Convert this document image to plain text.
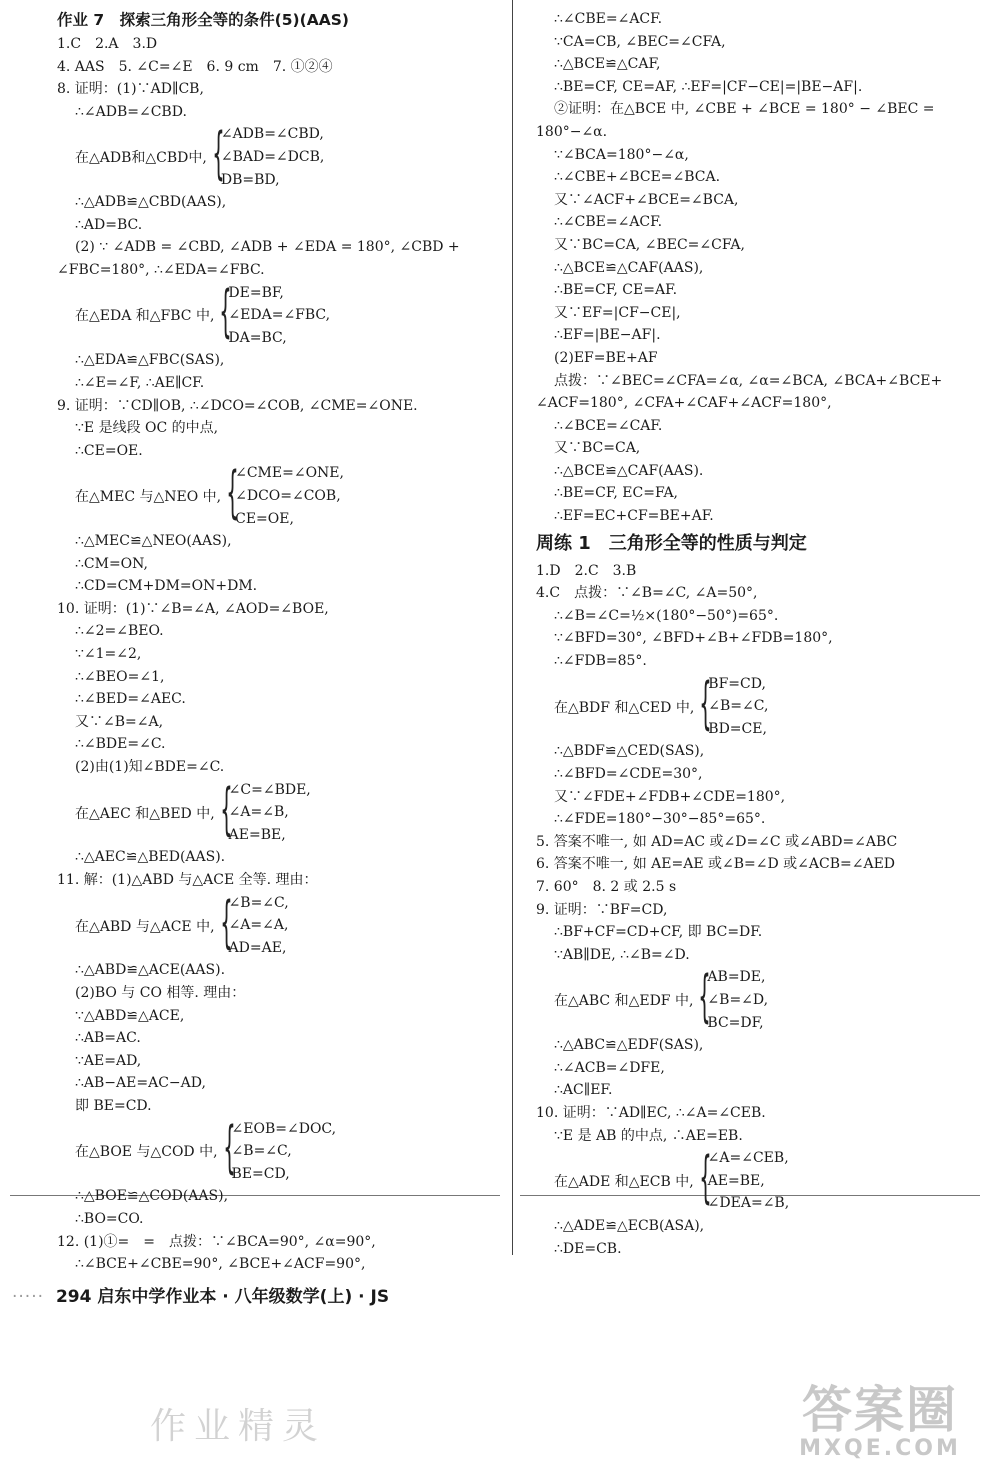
作业 7　探索三角形全等的条件(5)(AAS)
1.C　2.A　3.D
4. AAS　5. ∠C=∠E　6. 9 cm　7. ①②④
8. 证明：(1)∵AD∥CB,
∴∠ADB=∠CBD.
在△ADB和△CBD中, {
∠ADB=∠CBD,
∠BAD=∠DCB,
DB=BD,
∴△ADB≌△CBD(AAS),
∴AD=BC.
(2) ∵ ∠ADB = ∠CBD, ∠ADB + ∠EDA = 180°, ∠CBD +
∠FBC=180°, ∴∠EDA=∠FBC.
在△EDA 和△FBC 中, {
DE=BF,
∠EDA=∠FBC,
DA=BC,
∴△EDA≌△FBC(SAS),
∴∠E=∠F, ∴AE∥CF.
9. 证明：∵CD∥OB, ∴∠DCO=∠COB, ∠CME=∠ONE.
∵E 是线段 OC 的中点,
∴CE=OE.
在△MEC 与△NEO 中, {
∠CME=∠ONE,
∠DCO=∠COB,
CE=OE,
∴△MEC≌△NEO(AAS),
∴CM=ON,
∴CD=CM+DM=ON+DM.
10. 证明：(1)∵∠B=∠A, ∠AOD=∠BOE,
∴∠2=∠BEO.
∵∠1=∠2,
∴∠BEO=∠1,
∴∠BED=∠AEC.
又∵∠B=∠A,
∴∠BDE=∠C.
(2)由(1)知∠BDE=∠C.
在△AEC 和△BED 中, {
∠C=∠BDE,
∠A=∠B,
AE=BE,
∴△AEC≌△BED(AAS).
11. 解：(1)△ABD 与△ACE 全等. 理由：
在△ABD 与△ACE 中, {
∠B=∠C,
∠A=∠A,
AD=AE,
∴△ABD≌△ACE(AAS).
(2)BO 与 CO 相等. 理由：
∵△ABD≌△ACE,
∴AB=AC.
∵AE=AD,
∴AB−AE=AC−AD,
即 BE=CD.
在△BOE 与△COD 中, {
∠EOB=∠DOC,
∠B=∠C,
BE=CD,
∴△BOE≌△COD(AAS),
∴BO=CO.
12. (1)①=　=　点拨：∵∠BCA=90°, ∠α=90°,
∴∠BCE+∠CBE=90°, ∠BCE+∠ACF=90°,
∴∠CBE=∠ACF.
∵CA=CB, ∠BEC=∠CFA,
∴△BCE≌△CAF,
∴BE=CF, CE=AF, ∴EF=|CF−CE|=|BE−AF|.
②证明：在△BCE 中, ∠CBE + ∠BCE = 180° − ∠BEC =
180°−∠α.
∵∠BCA=180°−∠α,
∴∠CBE+∠BCE=∠BCA.
又∵∠ACF+∠BCE=∠BCA,
∴∠CBE=∠ACF.
又∵BC=CA, ∠BEC=∠CFA,
∴△BCE≌△CAF(AAS),
∴BE=CF, CE=AF.
又∵EF=|CF−CE|,
∴EF=|BE−AF|.
(2)EF=BE+AF
点拨：∵∠BEC=∠CFA=∠α, ∠α=∠BCA, ∠BCA+∠BCE+
∠ACF=180°, ∠CFA+∠CAF+∠ACF=180°,
∴∠BCE=∠CAF.
又∵BC=CA,
∴△BCE≌△CAF(AAS).
∴BE=CF, EC=FA,
∴EF=EC+CF=BE+AF.
周练 1　三角形全等的性质与判定
1.D　2.C　3.B
4.C　点拨：∵∠B=∠C, ∠A=50°,
∴∠B=∠C=½×(180°−50°)=65°.
∵∠BFD=30°, ∠BFD+∠B+∠FDB=180°,
∴∠FDB=85°.
在△BDF 和△CED 中, {
BF=CD,
∠B=∠C,
BD=CE,
∴△BDF≌△CED(SAS),
∴∠BFD=∠CDE=30°,
又∵∠FDE+∠FDB+∠CDE=180°,
∴∠FDE=180°−30°−85°=65°.
5. 答案不唯一, 如 AD=AC 或∠D=∠C 或∠ABD=∠ABC
6. 答案不唯一, 如 AE=AE 或∠B=∠D 或∠ACB=∠AED
7. 60°　8. 2 或 2.5 s
9. 证明：∵BF=CD,
∴BF+CF=CD+CF, 即 BC=DF.
∵AB∥DE, ∴∠B=∠D.
在△ABC 和△EDF 中, {
AB=DE,
∠B=∠D,
BC=DF,
∴△ABC≌△EDF(SAS),
∴∠ACB=∠DFE,
∴AC∥EF.
10. 证明：∵AD∥EC, ∴∠A=∠CEB.
∵E 是 AB 的中点, ∴AE=EB.
在△ADE 和△ECB 中, {
∠A=∠CEB,
AE=BE,
∠DEA=∠B,
∴△ADE≌△ECB(ASA),
∴DE=CB.
····· 294 启东中学作业本 · 八年级数学(上) · JS
作业精灵	答案圈
MXQE.COM
